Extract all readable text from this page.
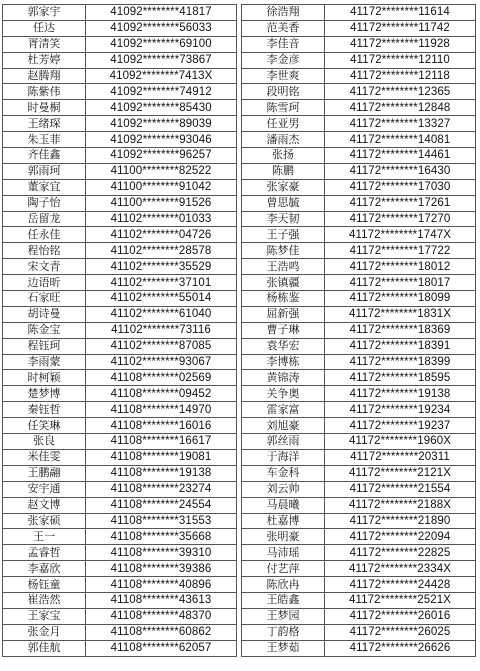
郭家宇	41092********41817
任达	41092********56033
胥清笑	41092********69100
杜芳婷	41092********73867
赵腾翔	41092********7413X
陈紫伟	41092********74912
时曼桐	41092********85430
王绪琛	41092********89039
朱玉菲	41092********93046
齐佳鑫	41092********96257
郭雨珂	41100********82522
董家宜	41100********91042
陶子怡	41100********91526
岳留龙	41102********01033
任永佳	41102********04726
程怡铭	41102********28578
宋文青	41102********35529
边语昕	41102********37101
石家旺	41102********55014
胡诗曼	41102********61040
陈金宝	41102********73116
程钰珂	41102********87085
李雨蒙	41102********93067
时柯颖	41108********02569
楚梦博	41108********09452
秦钰哲	41108********14970
任笑琳	41108********16016
张良	41108********16617
米佳雯	41108********19081
王鹏翮	41108********19138
安宇通	41108********23274
赵文博	41108********24554
张家硕	41108********31553
王一	41108********35668
孟睿哲	41108********39310
李嘉欣	41108********39386
杨钰童	41108********40896
崔浩然	41108********43613
王家宝	41108********48370
张金月	41108********60862
郭佳航	41108********62057
徐浩翔	41172********11614
范美香	41172********11742
李佳音	41172********11928
李金彦	41172********12110
李世爽	41172********12118
段明铭	41172********12365
陈雪珂	41172********12848
任亚男	41172********13327
潘雨杰	41172********14081
张扬	41172********14461
陈鹏	41172********16430
张家豪	41172********17030
曾思毓	41172********17261
李天韧	41172********17270
王子强	41172********1747X
陈梦佳	41172********17722
王浩鸣	41172********18012
张镇疆	41172********18017
杨栋鉴	41172********18099
屈新强	41172********1831X
曹子琳	41172********18369
袁华宏	41172********18391
李博栋	41172********18399
黄锦涛	41172********18595
关争奥	41172********19138
雷家富	41172********19234
刘旭豪	41172********19237
郭丝雨	41172********1960X
于海洋	41172********20311
车金科	41172********2121X
刘云帅	41172********21554
马晨曦	41172********2188X
杜嘉博	41172********21890
张明豪	41172********22094
马沛瑶	41172********22825
付艺萍	41172********2334X
陈欣冉	41172********24428
王皓鑫	41172********2521X
王梦园	41172********26016
丁韵格	41172********26025
王梦茹	41172********26626
